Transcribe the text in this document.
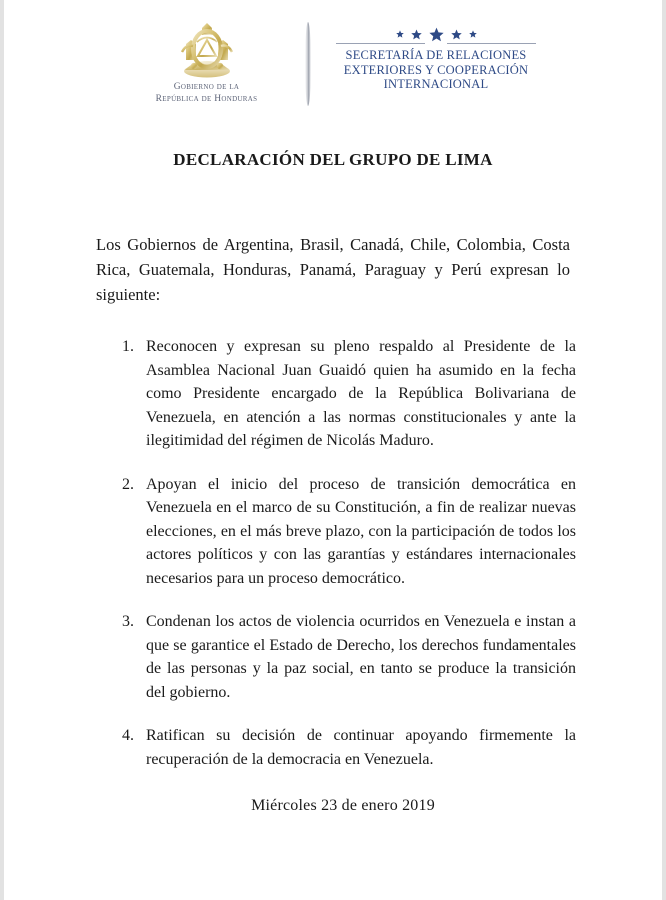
Gobierno de la
República de Honduras
SECRETARÍA DE RELACIONES
EXTERIORES Y COOPERACIÓN
INTERNACIONAL
DECLARACIÓN DEL GRUPO DE LIMA

Los Gobiernos de Argentina, Brasil, Canadá, Chile, Colombia, Costa Rica, Guatemala, Honduras, Panamá, Paraguay y Perú expresan lo siguiente:

1. Reconocen y expresan su pleno respaldo al Presidente de la Asamblea Nacional Juan Guaidó quien ha asumido en la fecha como Presidente encargado de la República Bolivariana de Venezuela, en atención a las normas constitucionales y ante la ilegitimidad del régimen de Nicolás Maduro.
2. Apoyan el inicio del proceso de transición democrática en Venezuela en el marco de su Constitución, a fin de realizar nuevas elecciones, en el más breve plazo, con la participación de todos los actores políticos y con las garantías y estándares internacionales necesarios para un proceso democrático.
3. Condenan los actos de violencia ocurridos en Venezuela e instan a que se garantice el Estado de Derecho, los derechos fundamentales de las personas y la paz social, en tanto se produce la transición del gobierno.
4. Ratifican su decisión de continuar apoyando firmemente la recuperación de la democracia en Venezuela.
Miércoles 23 de enero 2019
